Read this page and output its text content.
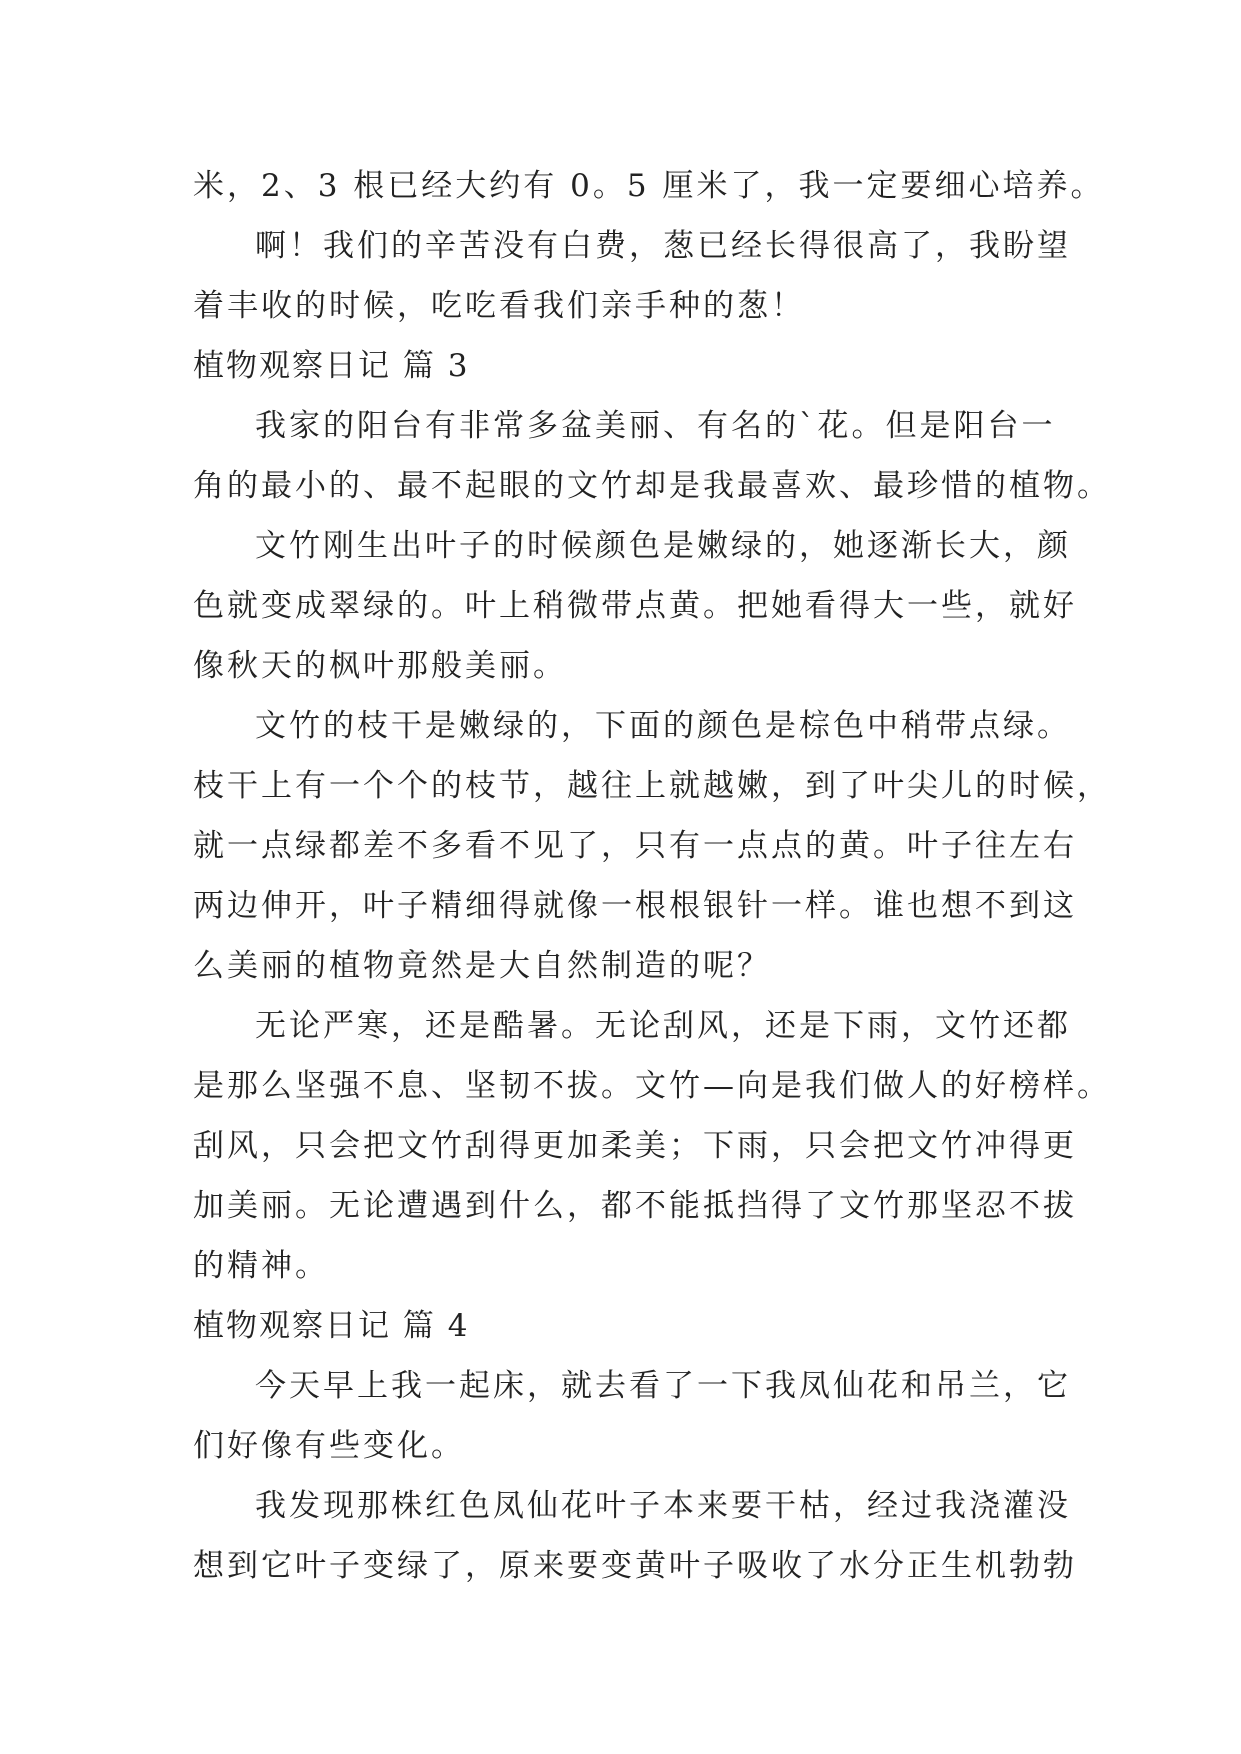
米，2、3 根已经大约有 0。5 厘米了，我一定要细心培养。
啊！我们的辛苦没有白费，葱已经长得很高了，我盼望
着丰收的时候，吃吃看我们亲手种的葱！
植物观察日记 篇 3
我家的阳台有非常多盆美丽、有名的`花。但是阳台一
角的最小的、最不起眼的文竹却是我最喜欢、最珍惜的植物。
文竹刚生出叶子的时候颜色是嫩绿的，她逐渐长大，颜
色就变成翠绿的。叶上稍微带点黄。把她看得大一些，就好
像秋天的枫叶那般美丽。
文竹的枝干是嫩绿的，下面的颜色是棕色中稍带点绿。
枝干上有一个个的枝节，越往上就越嫩，到了叶尖儿的时候，
就一点绿都差不多看不见了，只有一点点的黄。叶子往左右
两边伸开，叶子精细得就像一根根银针一样。谁也想不到这
么美丽的植物竟然是大自然制造的呢？
无论严寒，还是酷暑。无论刮风，还是下雨，文竹还都
是那么坚强不息、坚韧不拔。文竹—向是我们做人的好榜样。
刮风，只会把文竹刮得更加柔美；下雨，只会把文竹冲得更
加美丽。无论遭遇到什么，都不能抵挡得了文竹那坚忍不拔
的精神。
植物观察日记 篇 4
今天早上我一起床，就去看了一下我凤仙花和吊兰，它
们好像有些变化。
我发现那株红色凤仙花叶子本来要干枯，经过我浇灌没
想到它叶子变绿了，原来要变黄叶子吸收了水分正生机勃勃
